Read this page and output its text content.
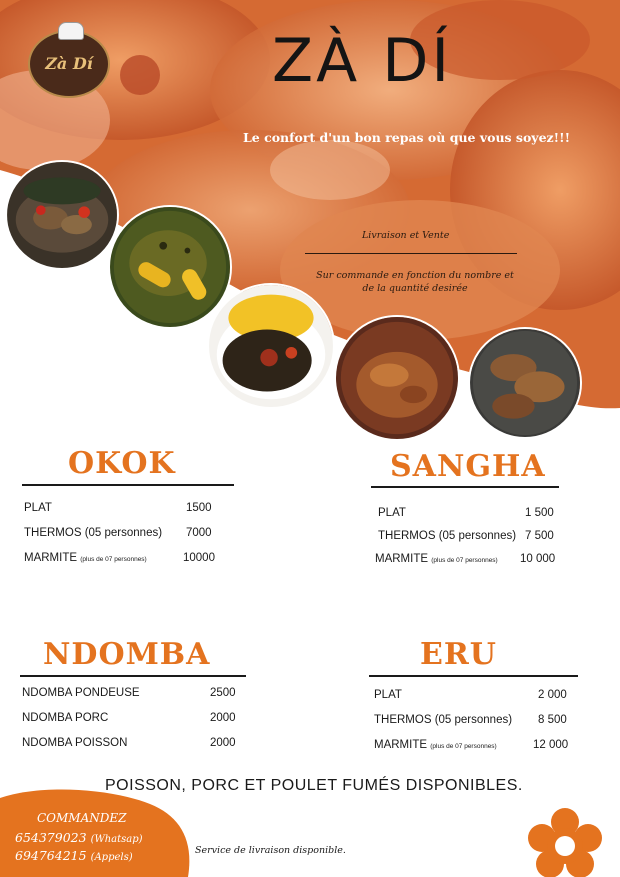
Zà Dí	ZÀ DÍ
Le confort d'un bon repas où que vous soyez!!!
Livraison et Vente
Sur commande en fonction du nombre et
de la quantité desirée
OKOK
PLAT	1500
THERMOS (05 personnes) 7000
MARMITE (plus de 07 personnes)	10000
SANGHA
PLAT	1 500
THERMOS (05 personnes) 7 500
MARMITE (plus de 07 personnes) 10 000
NDOMBA
NDOMBA PONDEUSE	2500
NDOMBA PORC	2000
NDOMBA POISSON	2000
ERU
PLAT	2 000
THERMOS (05 personnes) 8 500
MARMITE (plus de 07 personnes)	12 000
POISSON, PORC ET POULET FUMÉS DISPONIBLES.
COMMANDEZ
654379023 (Whatsap)
694764215 (Appels)
Service de livraison disponible.
